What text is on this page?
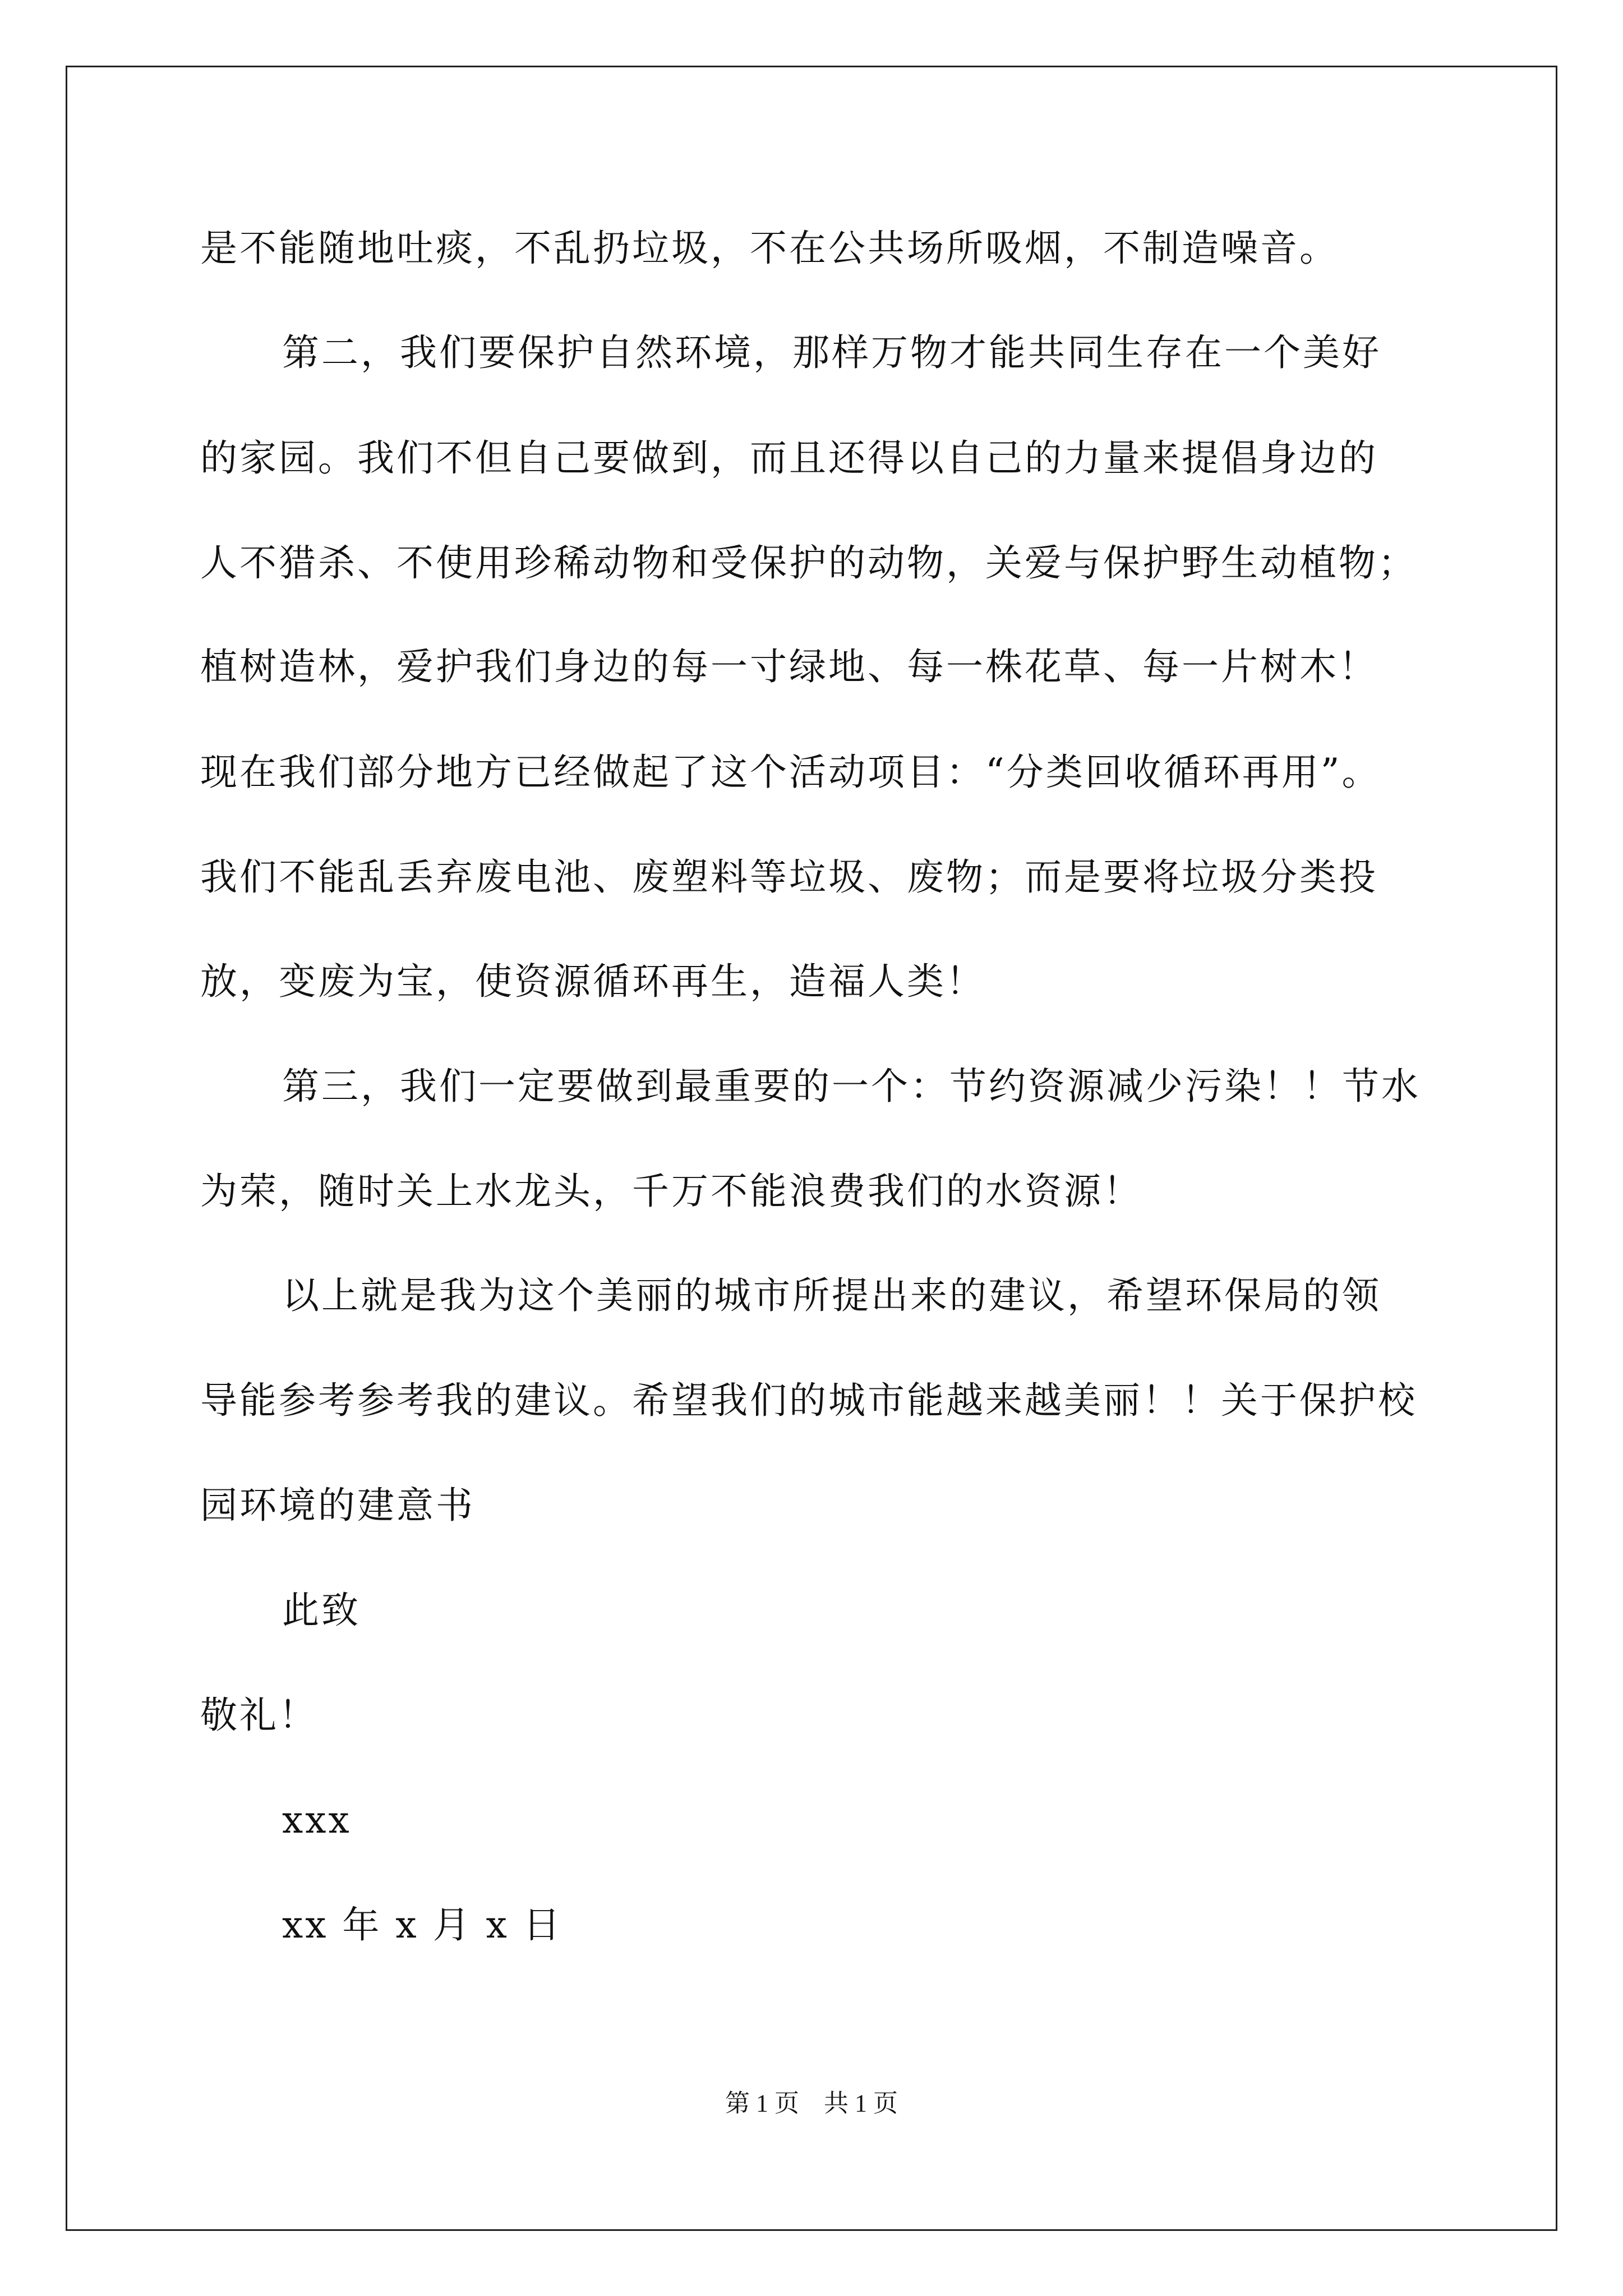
是不能随地吐痰，不乱扔垃圾，不在公共场所吸烟，不制造噪音。
第二，我们要保护自然环境，那样万物才能共同生存在一个美好
的家园。我们不但自己要做到，而且还得以自己的力量来提倡身边的
人不猎杀、不使用珍稀动物和受保护的动物，关爱与保护野生动植物；
植树造林，爱护我们身边的每一寸绿地、每一株花草、每一片树木！
现在我们部分地方已经做起了这个活动项目：“分类回收循环再用”。
我们不能乱丢弃废电池、废塑料等垃圾、废物；而是要将垃圾分类投
放，变废为宝，使资源循环再生，造福人类！
第三，我们一定要做到最重要的一个：节约资源减少污染！！节水
为荣，随时关上水龙头，千万不能浪费我们的水资源！
以上就是我为这个美丽的城市所提出来的建议，希望环保局的领
导能参考参考我的建议。希望我们的城市能越来越美丽！！关于保护校
园环境的建意书
此致
敬礼！
xxx
xx 年 x 月 x 日
第 1 页　共 1 页
